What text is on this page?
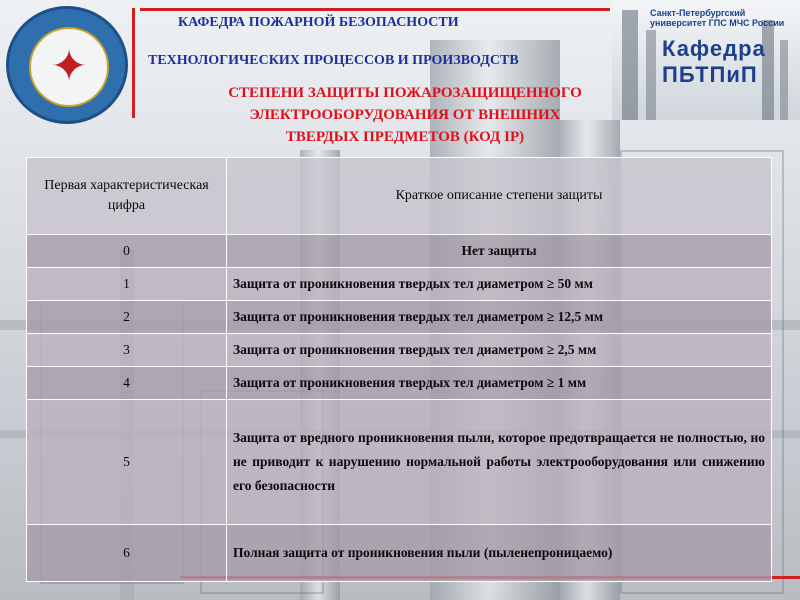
✦
Санкт-Петербургский университет ГПС МЧС России
Кафедра ПБТПиП
КАФЕДРА ПОЖАРНОЙ БЕЗОПАСНОСТИ
ТЕХНОЛОГИЧЕСКИХ ПРОЦЕССОВ И ПРОИЗВОДСТВ
СТЕПЕНИ ЗАЩИТЫ ПОЖАРОЗАЩИЩЕННОГО
ЭЛЕКТРООБОРУДОВАНИЯ ОТ ВНЕШНИХ
ТВЕРДЫХ ПРЕДМЕТОВ (КОД IP)
Первая характеристическая цифра	Краткое описание степени защиты
0	Нет защиты
1	Защита от проникновения твердых тел диаметром ≥ 50 мм
2	Защита от проникновения твердых тел диаметром ≥ 12,5 мм
3	Защита от проникновения твердых тел диаметром ≥ 2,5 мм
4	Защита от проникновения твердых тел диаметром ≥ 1 мм
5	Защита от вредного проникновения пыли, которое предотвращается не полностью, но не приводит к нарушению нормальной работы электрооборудования или снижению его безопасности
6	Полная защита от проникновения пыли (пыленепроницаемо)
